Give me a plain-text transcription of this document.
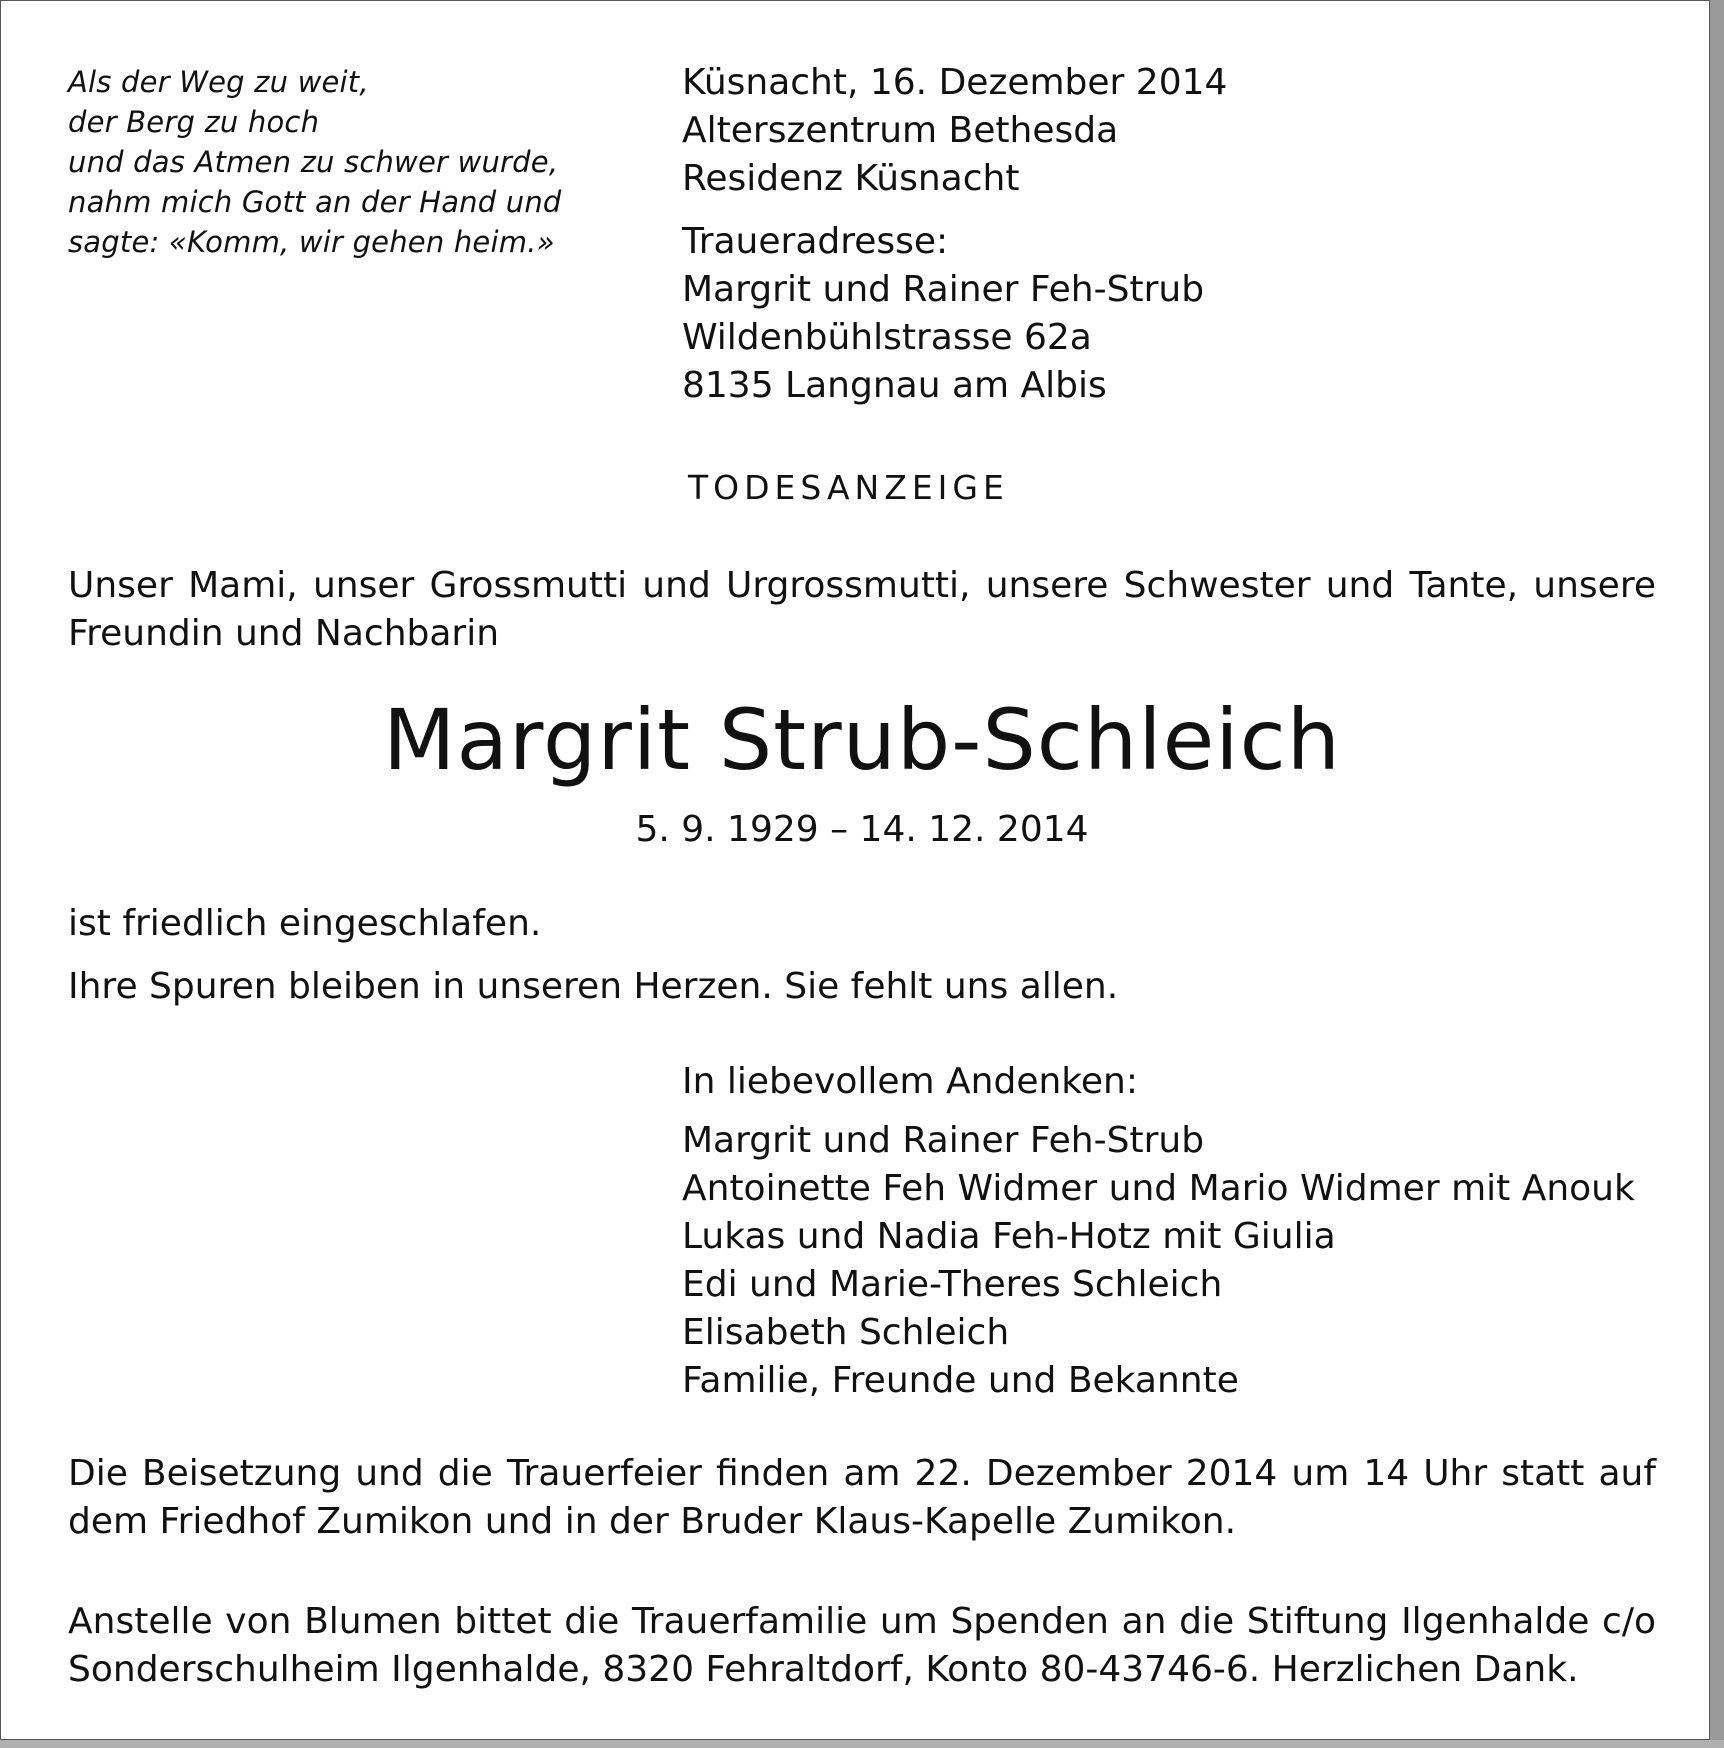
Als der Weg zu weit,
der Berg zu hoch
und das Atmen zu schwer wurde,
nahm mich Gott an der Hand und
sagte: «Komm, wir gehen heim.»
Küsnacht, 16. Dezember 2014
Alterszentrum Bethesda
Residenz Küsnacht
Traueradresse:
Margrit und Rainer Feh-Strub
Wildenbühlstrasse 62a
8135 Langnau am Albis
TODESANZEIGE
Unser Mami, unser Grossmutti und Urgrossmutti, unsere Schwester und Tante, unsere Freundin und Nachbarin
Margrit Strub-Schleich
5. 9. 1929 – 14. 12. 2014
ist friedlich eingeschlafen.
Ihre Spuren bleiben in unseren Herzen. Sie fehlt uns allen.
In liebevollem Andenken:
Margrit und Rainer Feh-Strub
Antoinette Feh Widmer und Mario Widmer mit Anouk
Lukas und Nadia Feh-Hotz mit Giulia
Edi und Marie-Theres Schleich
Elisabeth Schleich
Familie, Freunde und Bekannte
Die Beisetzung und die Trauerfeier finden am 22. Dezember 2014 um 14 Uhr statt auf dem Friedhof Zumikon und in der Bruder Klaus-Kapelle Zumikon.
Anstelle von Blumen bittet die Trauerfamilie um Spenden an die Stiftung Ilgenhalde c/o Sonderschulheim Ilgenhalde, 8320 Fehraltdorf, Konto 80-43746-6. Herzlichen Dank.
